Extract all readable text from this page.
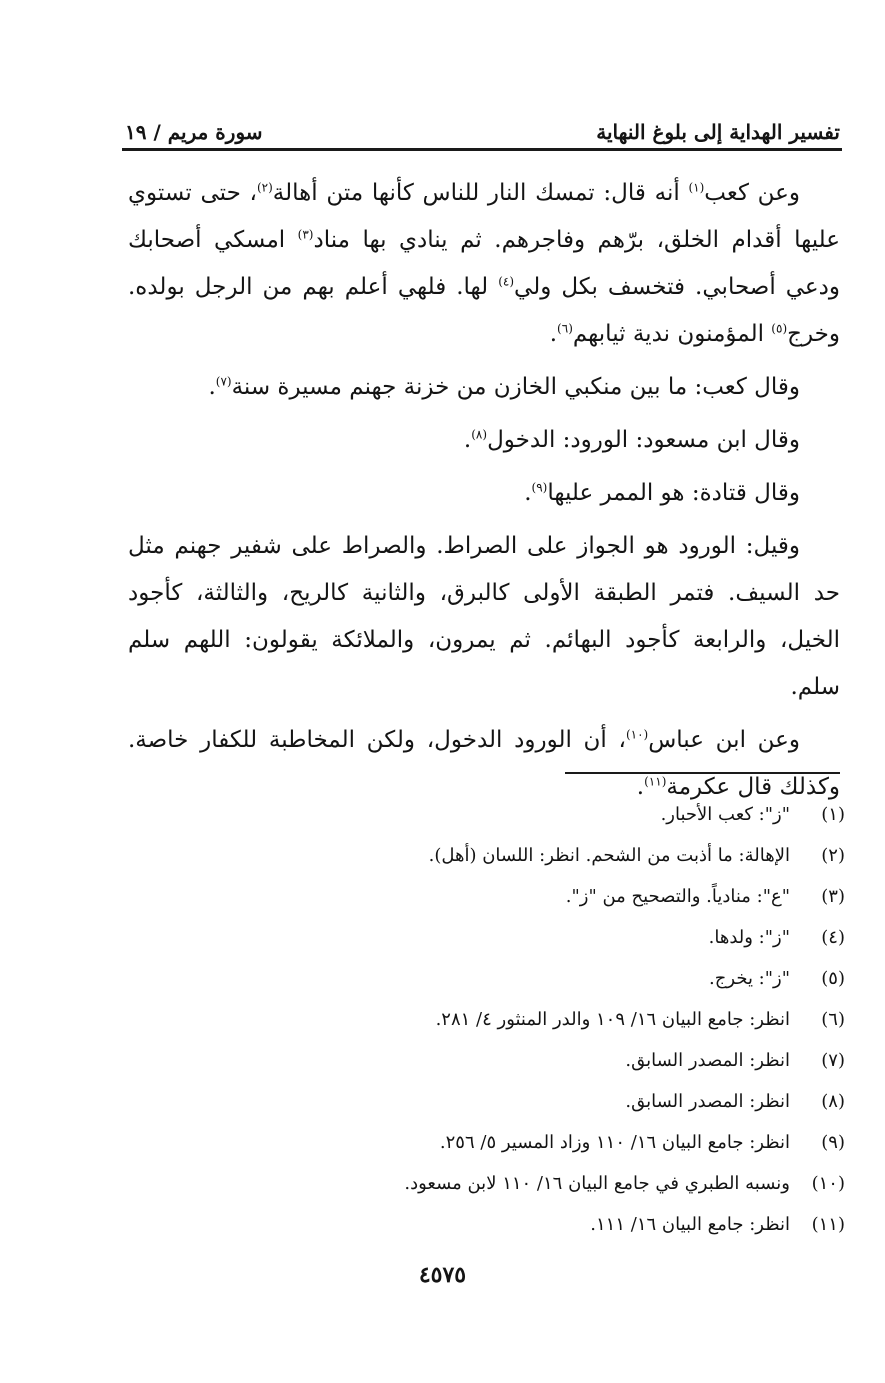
تفسير الهداية إلى بلوغ النهاية
سورة مريم / ١٩

وعن كعب$^{(١)}$ أنه قال: تمسك النار للناس كأنها متن أهالة$^{(٢)}$، حتى تستوي عليها أقدام الخلق، برّهم وفاجرهم. ثم ينادي بها مناد$^{(٣)}$ امسكي أصحابك ودعي أصحابي. فتخسف بكل ولي$^{(٤)}$ لها. فلهي أعلم بهم من الرجل بولده. وخرج$^{(٥)}$ المؤمنون ندية ثيابهم$^{(٦)}$.

وقال كعب: ما بين منكبي الخازن من خزنة جهنم مسيرة سنة$^{(٧)}$.

وقال ابن مسعود: الورود: الدخول$^{(٨)}$.

وقال قتادة: هو الممر عليها$^{(٩)}$.

وقيل: الورود هو الجواز على الصراط. والصراط على شفير جهنم مثل حد السيف. فتمر الطبقة الأولى كالبرق، والثانية كالريح، والثالثة، كأجود الخيل، والرابعة كأجود البهائم. ثم يمرون، والملائكة يقولون: اللهم سلم سلم.

وعن ابن عباس$^{(١٠)}$، أن الورود الدخول، ولكن المخاطبة للكفار خاصة. وكذلك قال عكرمة$^{(١١)}$.

(١)
"ز": كعب الأحبار.
(٢)
الإهالة: ما أذبت من الشحم. انظر: اللسان (أهل).
(٣)
"ع": منادياً. والتصحيح من "ز".
(٤)
"ز": ولدها.
(٥)
"ز": يخرج.
(٦)
انظر: جامع البيان ١٦/ ١٠٩ والدر المنثور ٤/ ٢٨١.
(٧)
انظر: المصدر السابق.
(٨)
انظر: المصدر السابق.
(٩)
انظر: جامع البيان ١٦/ ١١٠ وزاد المسير ٥/ ٢٥٦.
(١٠)
ونسبه الطبري في جامع البيان ١٦/ ١١٠ لابن مسعود.
(١١)
انظر: جامع البيان ١٦/ ١١١.
٤٥٧٥
